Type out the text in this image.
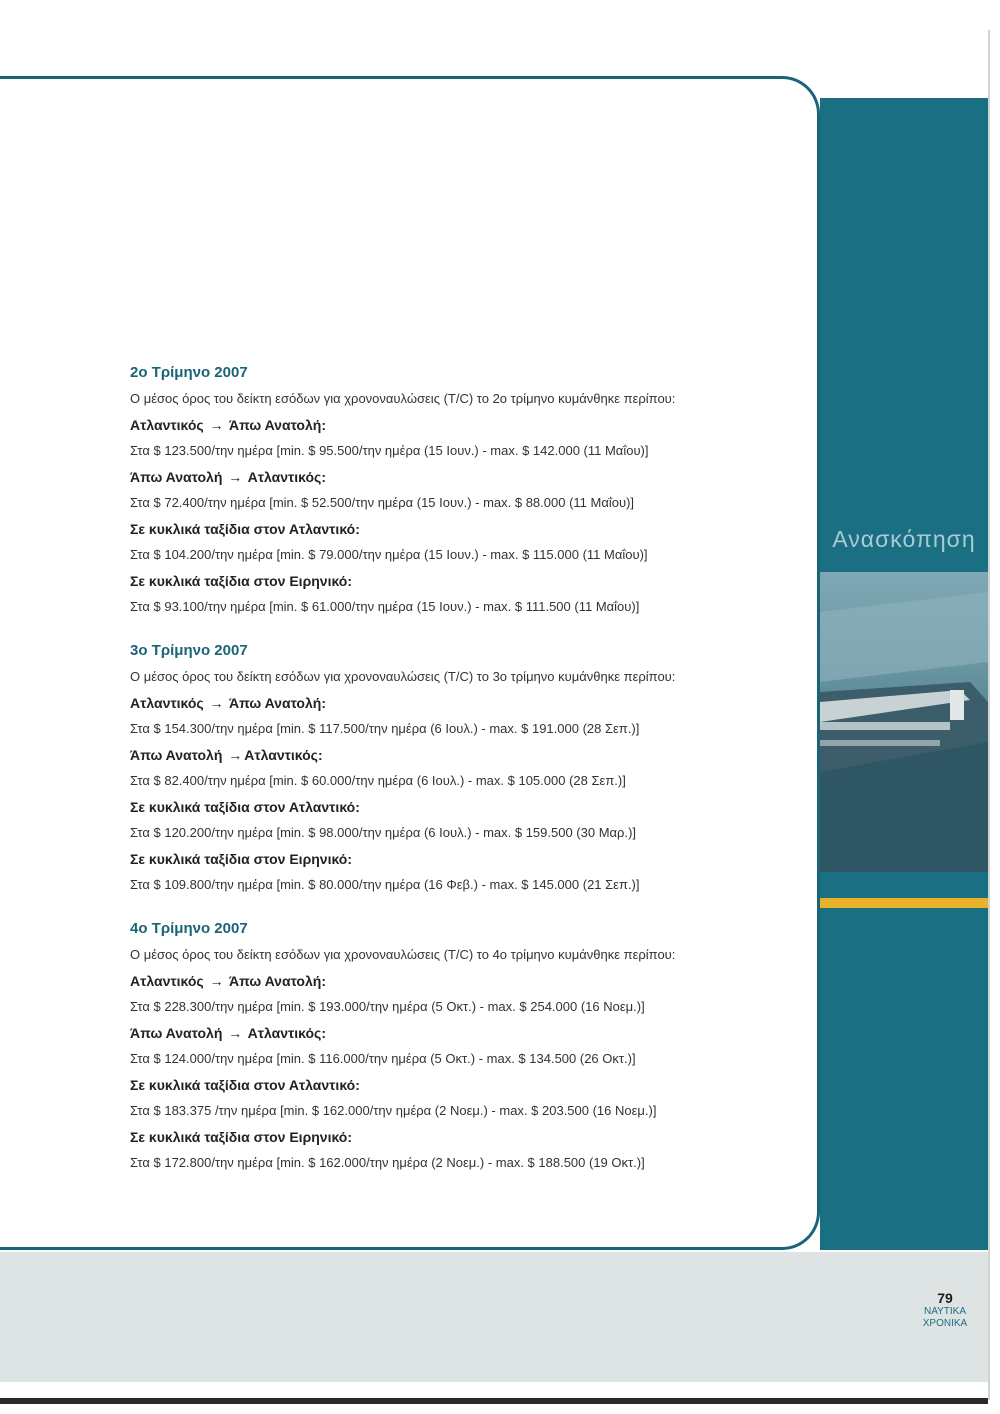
Ανασκόπηση
79
ΝΑΥΤΙΚΑ
ΧΡΟΝΙΚΑ
2o Τρίμηνο 2007
Ο μέσος όρος του δείκτη εσόδων για χρονοναυλώσεις (T/C) το 2ο τρίμηνο κυμάνθηκε περίπου:
Ατλαντικός → Άπω Ανατολή:
Στα $ 123.500/την ημέρα [min. $ 95.500/την ημέρα (15 Ιουν.) - max. $ 142.000 (11 Μαΐου)]
Άπω Ανατολή → Ατλαντικός:
Στα $ 72.400/την ημέρα [min. $ 52.500/την ημέρα (15 Ιουν.) - max. $ 88.000 (11 Μαΐου)]
Σε κυκλικά ταξίδια στον Ατλαντικό:
Στα $ 104.200/την ημέρα [min. $ 79.000/την ημέρα (15 Ιουν.) - max. $ 115.000 (11 Μαΐου)]
Σε κυκλικά ταξίδια στον Ειρηνικό:
Στα $ 93.100/την ημέρα [min. $ 61.000/την ημέρα (15 Ιουν.) - max. $ 111.500 (11 Μαΐου)]
3o Τρίμηνο 2007
Ο μέσος όρος του δείκτη εσόδων για χρονοναυλώσεις (T/C) το 3ο τρίμηνο κυμάνθηκε περίπου:
Ατλαντικός → Άπω Ανατολή:
Στα $ 154.300/την ημέρα [min. $ 117.500/την ημέρα (6 Ιουλ.) - max. $ 191.000 (28 Σεπ.)]
Άπω Ανατολή → Ατλαντικός:
Στα $ 82.400/την ημέρα [min. $ 60.000/την ημέρα (6 Ιουλ.) - max. $ 105.000 (28 Σεπ.)]
Σε κυκλικά ταξίδια στον Ατλαντικό:
Στα $ 120.200/την ημέρα [min. $ 98.000/την ημέρα (6 Ιουλ.) - max. $ 159.500 (30 Μαρ.)]
Σε κυκλικά ταξίδια στον Ειρηνικό:
Στα $ 109.800/την ημέρα [min. $ 80.000/την ημέρα (16 Φεβ.) - max. $ 145.000 (21 Σεπ.)]
4o Τρίμηνο 2007
Ο μέσος όρος του δείκτη εσόδων για χρονοναυλώσεις (T/C) το 4ο τρίμηνο κυμάνθηκε περίπου:
Ατλαντικός → Άπω Ανατολή:
Στα $ 228.300/την ημέρα [min. $ 193.000/την ημέρα (5 Οκτ.) - max. $ 254.000 (16 Νοεμ.)]
Άπω Ανατολή → Ατλαντικός:
Στα $ 124.000/την ημέρα [min. $ 116.000/την ημέρα (5 Οκτ.) - max. $ 134.500 (26 Οκτ.)]
Σε κυκλικά ταξίδια στον Ατλαντικό:
Στα $ 183.375 /την ημέρα [min. $ 162.000/την ημέρα (2 Νοεμ.) - max. $ 203.500 (16 Νοεμ.)]
Σε κυκλικά ταξίδια στον Ειρηνικό:
Στα $ 172.800/την ημέρα [min. $ 162.000/την ημέρα (2 Νοεμ.) - max. $ 188.500 (19 Οκτ.)]
